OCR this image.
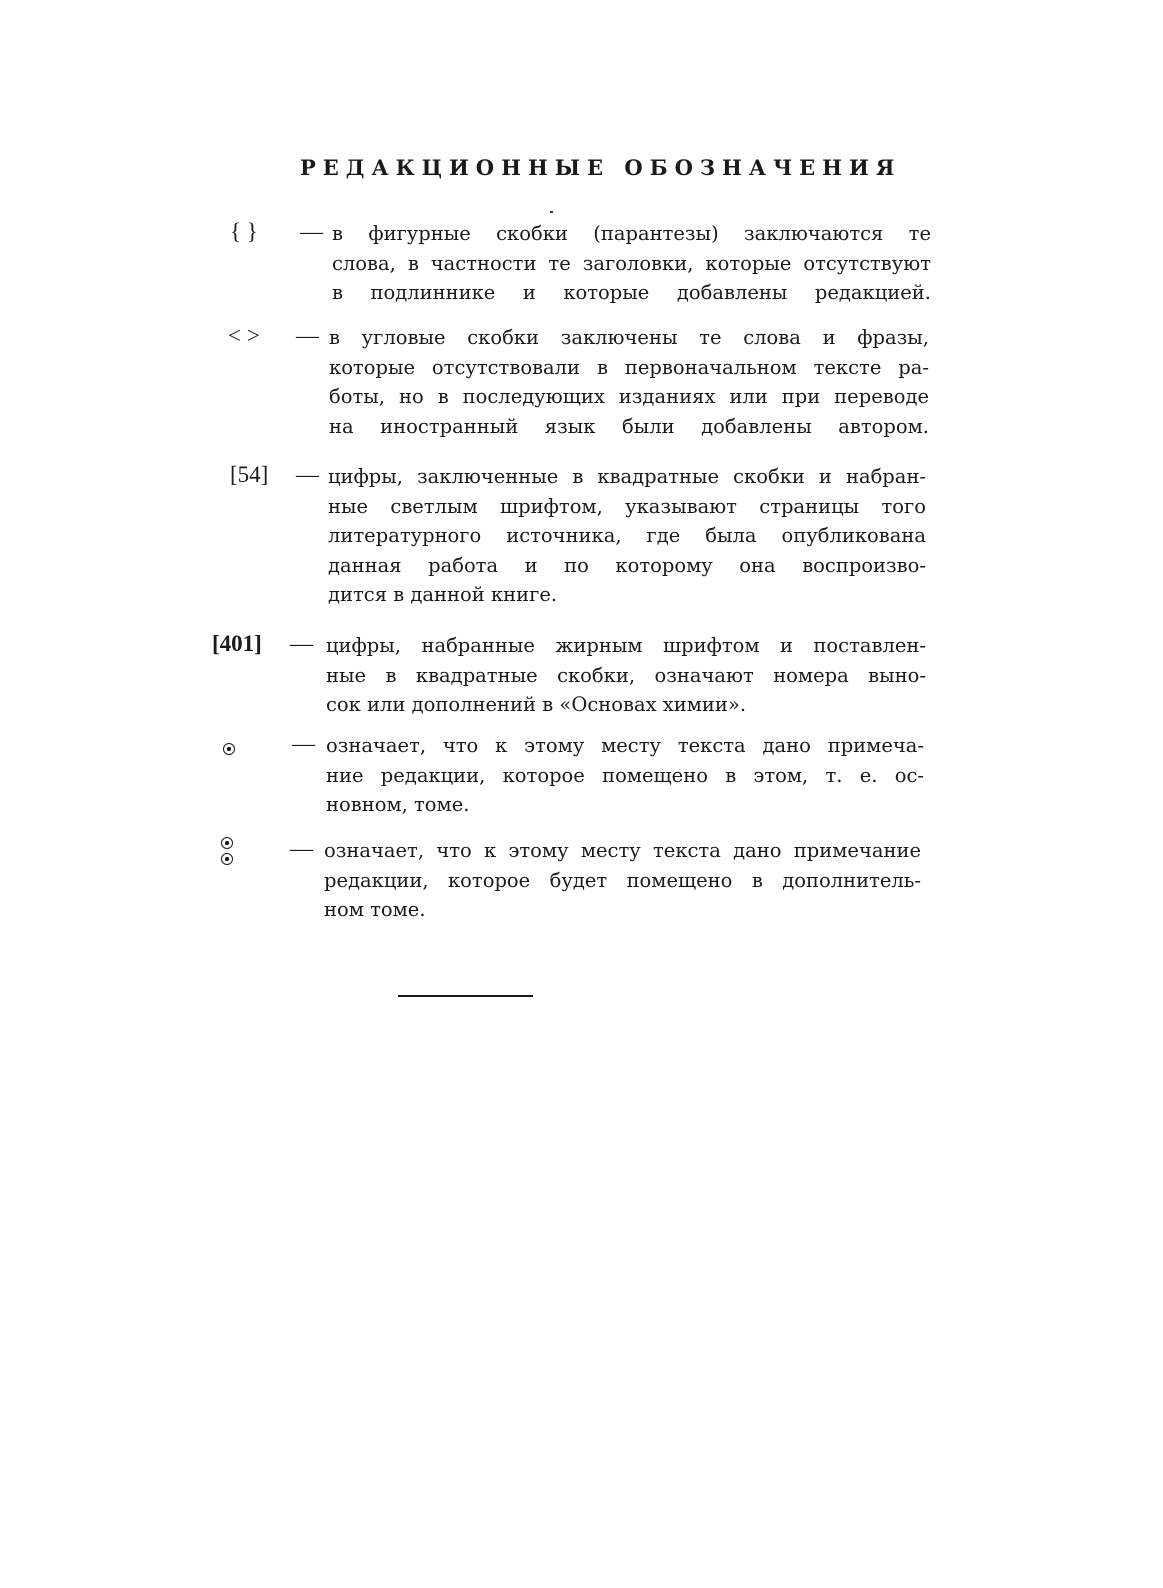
РЕДАКЦИОННЫЕ ОБОЗНАЧЕНИЯ
{ } — в фигурные скобки (парантезы) заключаются те
слова, в частности те заголовки, которые отсутствуют
в подлиннике и которые добавлены редакцией.
< > — в угловые скобки заключены те слова и фразы,
которые отсутствовали в первоначальном тексте ра-
боты, но в последующих изданиях или при переводе
на иностранный язык были добавлены автором.
[54] — цифры, заключенные в квадратные скобки и набран-
ные светлым шрифтом, указывают страницы того
литературного источника, где была опубликована
данная работа и по которому она воспроизво-
дится в данной книге.
[401] — цифры, набранные жирным шрифтом и поставлен-
ные в квадратные скобки, означают номера выно-
сок или дополнений в «Основах химии».
— означает, что к этому месту текста дано примеча-
ние редакции, которое помещено в этом, т. е. ос-
новном, томе.
— означает, что к этому месту текста дано примечание
редакции, которое будет помещено в дополнитель-
ном томе.
